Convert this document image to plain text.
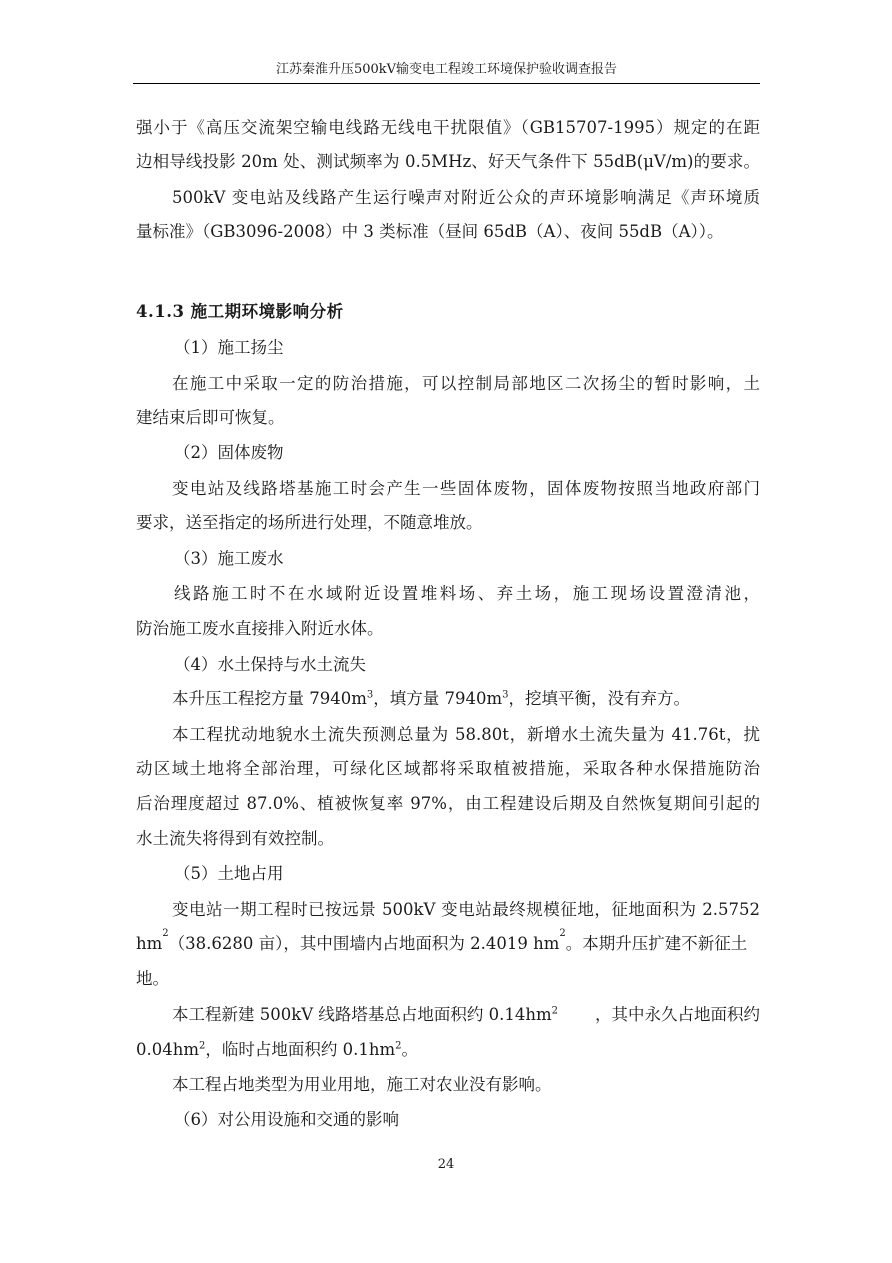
江苏秦淮升压500kV输变电工程竣工环境保护验收调查报告
强小于《高压交流架空输电线路无线电干扰限值》（GB15707-1995）规定的在距
边相导线投影 20m 处、测试频率为 0.5MHz、好天气条件下 55dB(μV/m)的要求。
500kV 变电站及线路产生运行噪声对附近公众的声环境影响满足《声环境质
量标准》（GB3096-2008）中 3 类标准（昼间 65dB（A）、夜间 55dB（A））。
4.1.3 施工期环境影响分析
（1）施工扬尘
在施工中采取一定的防治措施，可以控制局部地区二次扬尘的暂时影响，土
建结束后即可恢复。
（2）固体废物
变电站及线路塔基施工时会产生一些固体废物，固体废物按照当地政府部门
要求，送至指定的场所进行处理，不随意堆放。
（3）施工废水
线路施工时不在水域附近设置堆料场、弃土场，施工现场设置澄清池，
防治施工废水直接排入附近水体。
（4）水土保持与水土流失
本升压工程挖方量 $7940m^3$，填方量 $7940m^3$，挖填平衡，没有弃方。
本工程扰动地貌水土流失预测总量为 58.80t，新增水土流失量为 41.76t，扰
动区域土地将全部治理，可绿化区域都将采取植被措施，采取各种水保措施防治
后治理度超过 87.0%、植被恢复率 97%，由工程建设后期及自然恢复期间引起的
水土流失将得到有效控制。
（5）土地占用
变电站一期工程时已按远景 500kV 变电站最终规模征地，征地面积为 2.5752
hm
2
（38.6280 亩），其中围墙内占地面积为 2.4019 hm
2
。本期升压扩建不新征土
地。
本工程新建 500kV 线路塔基总占地面积约 $0.14hm^2$ ，其中永久占地面积约
$0.04hm^2$，临时占地面积约 $0.1hm^2$。
本工程占地类型为用业用地，施工对农业没有影响。
（6）对公用设施和交通的影响
24
